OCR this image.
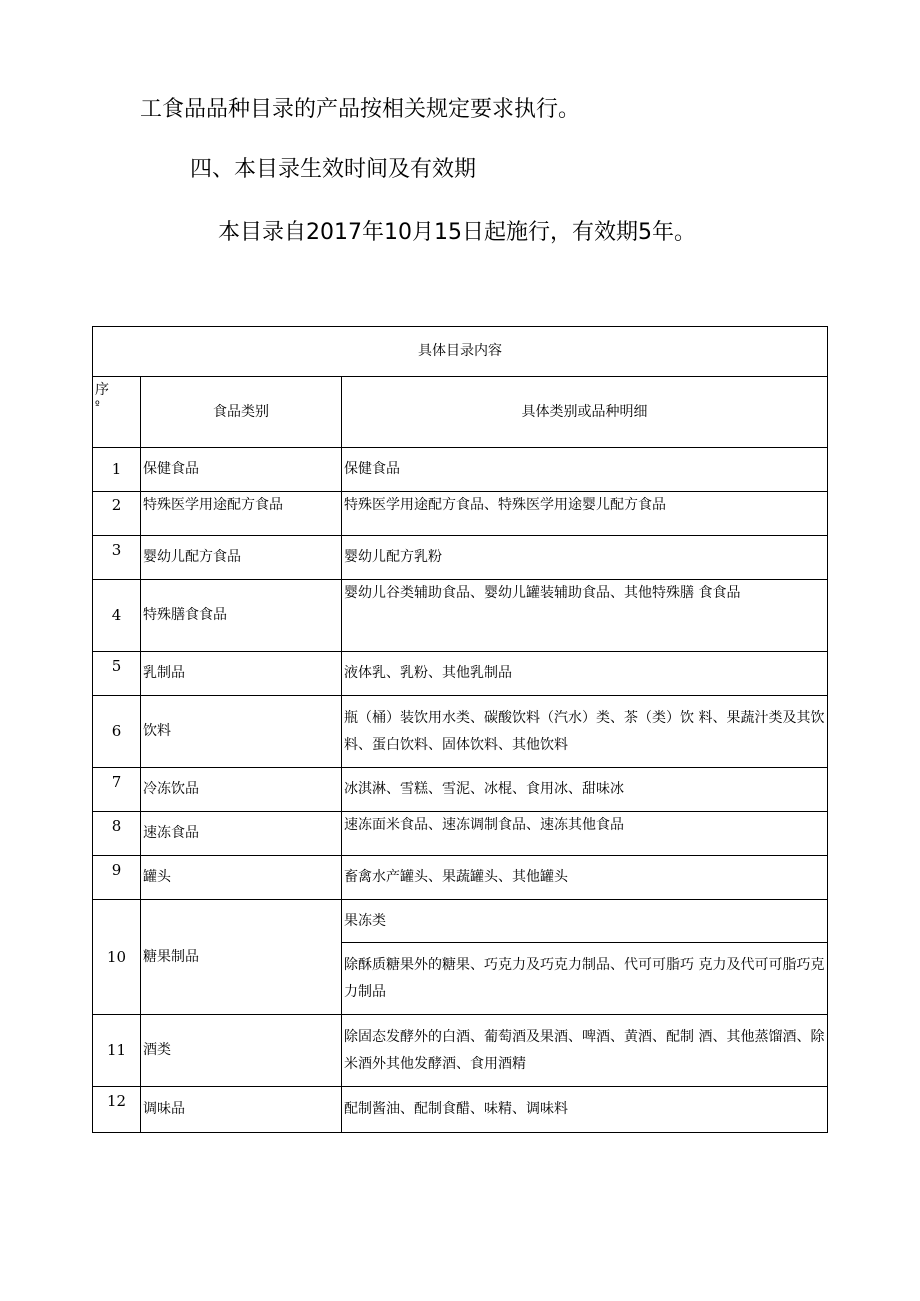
工食品品种目录的产品按相关规定要求执行。
四、本目录生效时间及有效期
本目录自2017年10月15日起施行，有效期5年。
具体目录内容		
序
º	食品类别	具体类别或品种明细
1	保健食品	保健食品
2	特殊医学用途配方食品	特殊医学用途配方食品、特殊医学用途婴儿配方食品
3	婴幼儿配方食品	婴幼儿配方乳粉
4	特殊膳食食品	婴幼儿谷类辅助食品、婴幼儿罐装辅助食品、其他特殊膳 食食品
5	乳制品	液体乳、乳粉、其他乳制品
6	饮料	瓶（桶）装饮用水类、碳酸饮料（汽水）类、茶（类）饮 料、果蔬汁类及其饮料、蛋白饮料、固体饮料、其他饮料
7	冷冻饮品	冰淇淋、雪糕、雪泥、冰棍、食用冰、甜味冰
8	速冻食品	速冻面米食品、速冻调制食品、速冻其他食品
9	罐头	畜禽水产罐头、果蔬罐头、其他罐头
10	糖果制品	果冻类
		除酥质糖果外的糖果、巧克力及巧克力制品、代可可脂巧 克力及代可可脂巧克力制品
11	酒类	除固态发酵外的白酒、葡萄酒及果酒、啤酒、黄酒、配制 酒、其他蒸馏酒、除米酒外其他发酵酒、食用酒精
12	调味品	配制酱油、配制食醋、味精、调味料
